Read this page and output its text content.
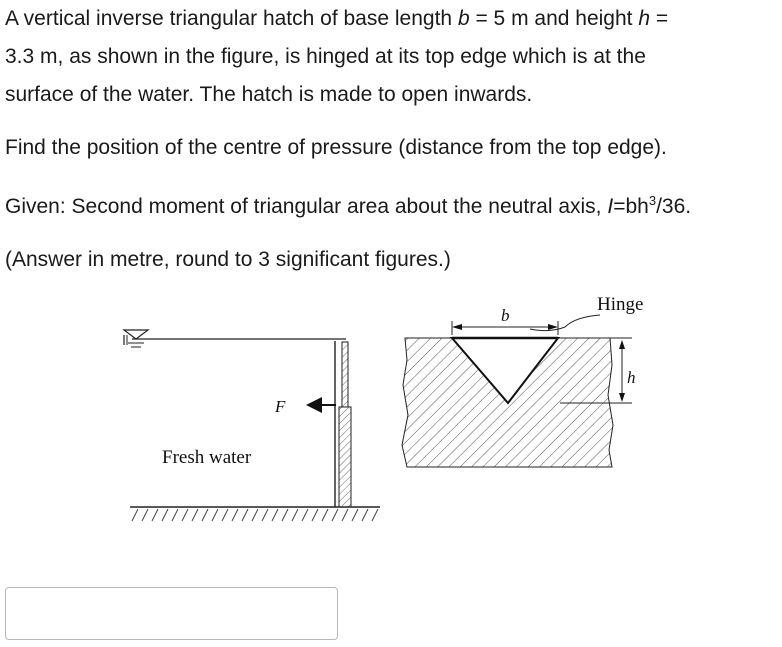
A vertical inverse triangular hatch of base length b = 5 m and height h =
3.3 m, as shown in the figure, is hinged at its top edge which is at the
surface of the water. The hatch is made to open inwards.

Find the position of the centre of pressure (distance from the top edge).

Given: Second moment of triangular area about the neutral axis, $I=bh^3/36$.

(Answer in metre, round to 3 significant figures.)

F
Fresh water
b
Hinge
h
